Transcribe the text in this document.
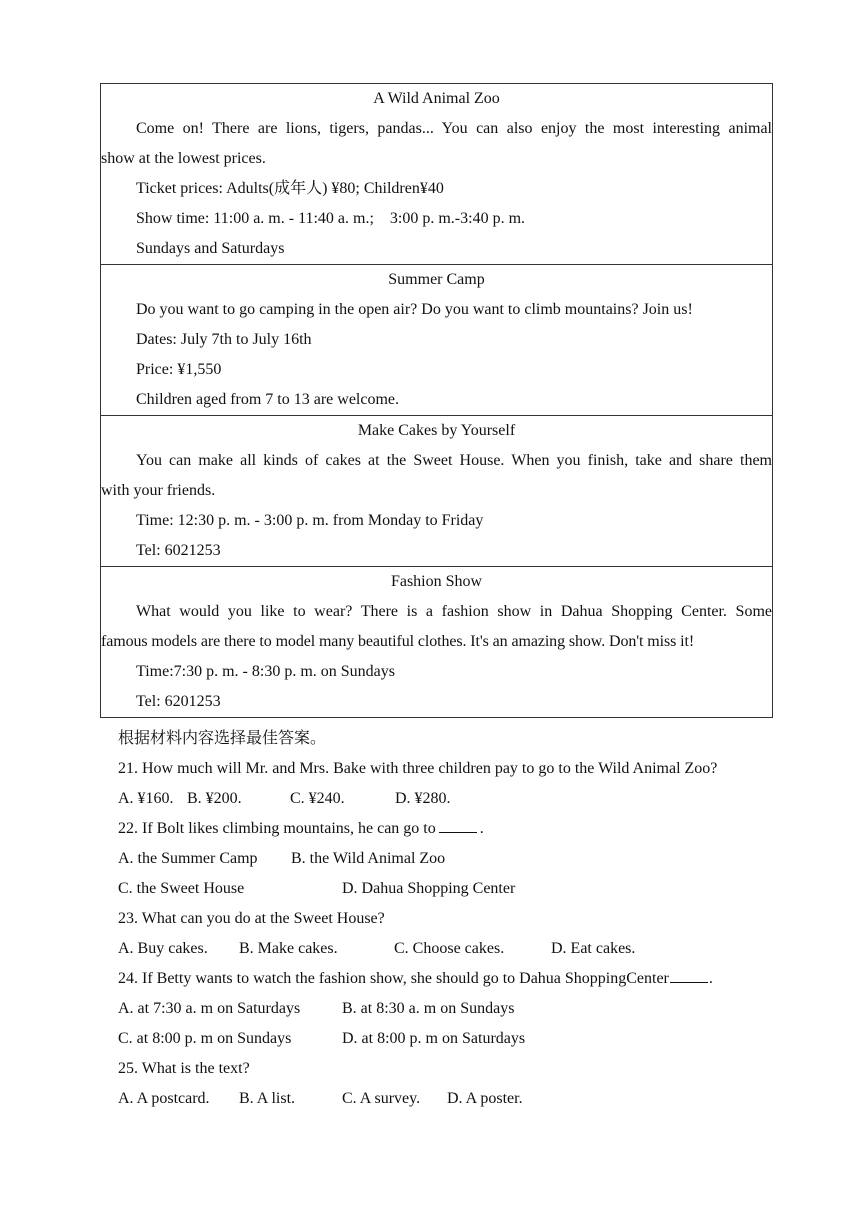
A Wild Animal Zoo
Come on! There are lions, tigers, pandas... You can also enjoy the most interesting animal
show at the lowest prices.
Ticket prices: Adults(成年人) ¥80; Children¥40
Show time: 11:00 a. m. - 11:40 a. m.;    3:00 p. m.-3:40 p. m.
Sundays and Saturdays
Summer Camp
Do you want to go camping in the open air? Do you want to climb mountains? Join us!
Dates: July 7th to July 16th
Price: ¥1,550
Children aged from 7 to 13 are welcome.
Make Cakes by Yourself
You can make all kinds of cakes at the Sweet House. When you finish, take and share them
with your friends.
Time: 12:30 p. m. - 3:00 p. m. from Monday to Friday
Tel: 6021253
Fashion Show
What would you like to wear? There is a fashion show in Dahua Shopping Center. Some
famous models are there to model many beautiful clothes. It's an amazing show. Don't miss it!
Time:7:30 p. m. - 8:30 p. m. on Sundays
Tel: 6201253
根据材料内容选择最佳答案。
21. How much will Mr. and Mrs. Bake with three children pay to go to the Wild Animal Zoo?
A. ¥160. B. ¥200.	C. ¥240.	D. ¥280.
22. If Bolt likes climbing mountains, he can go to	.
A. the Summer Camp B. the Wild Animal Zoo
C. the Sweet House	D. Dahua Shopping Center
23. What can you do at the Sweet House?
A. Buy cakes. B. Make cakes.	C. Choose cakes.	D. Eat cakes.
24. If Betty wants to watch the fashion show, she should go to Dahua ShoppingCenter	.
A. at 7:30 a. m on Saturdays	B. at 8:30 a. m on Sundays
C. at 8:00 p. m on Sundays	D. at 8:00 p. m on Saturdays
25. What is the text?
A. A postcard. B. A list.	C. A survey. D. A poster.
